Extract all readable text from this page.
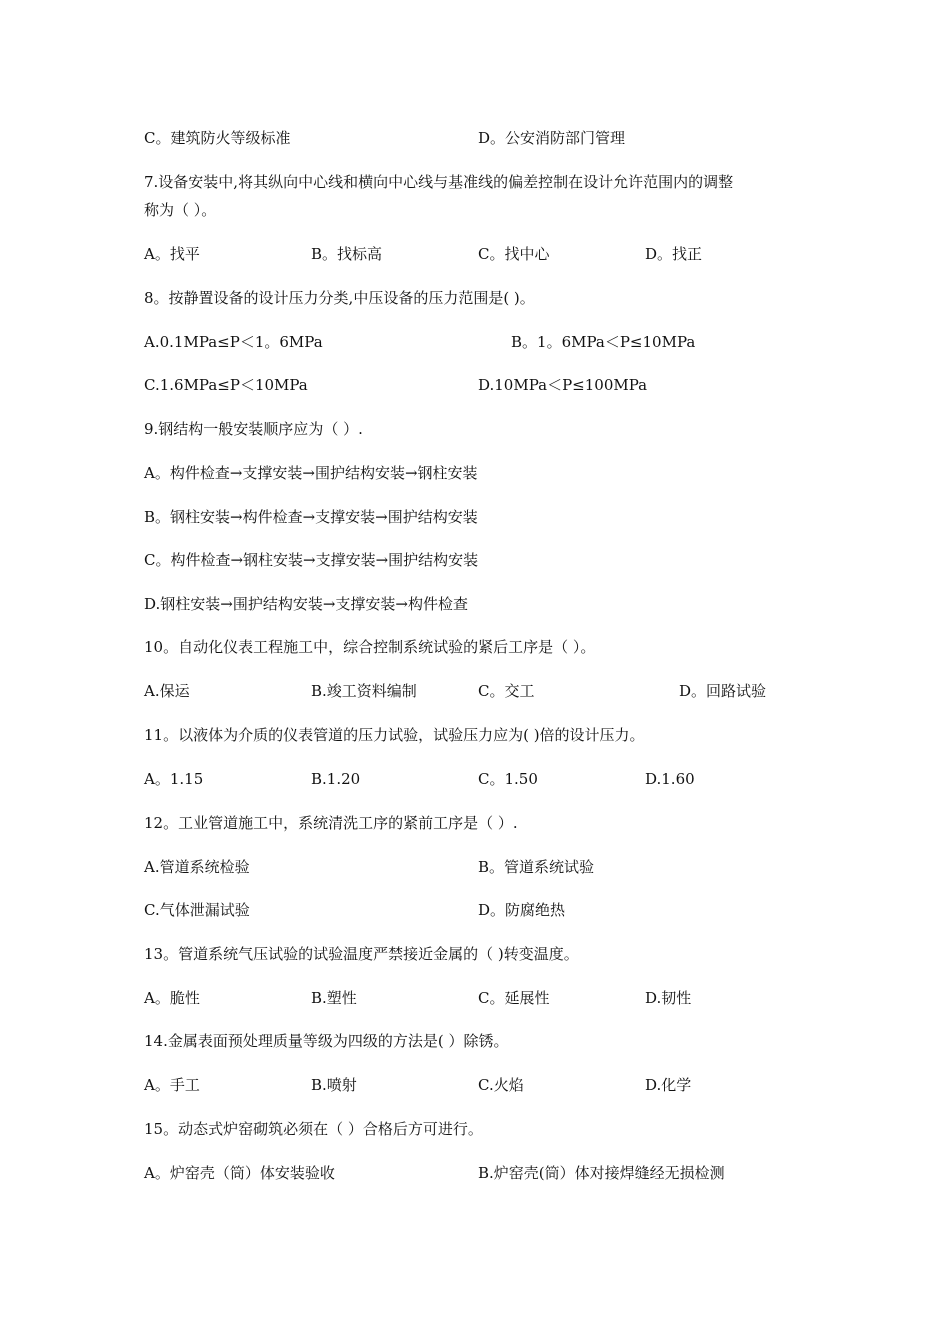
C。建筑防火等级标准	D。公安消防部门管理
7.设备安装中,将其纵向中心线和横向中心线与基准线的偏差控制在设计允许范围内的调整
称为（ ）。
A。找平	B。找标高	C。找中心	D。找正
8。按静置设备的设计压力分类,中压设备的压力范围是( )。
A.0.1MPa≤P＜1。6MPa	B。1。6MPa＜P≤10MPa
C.1.6MPa≤P＜10MPa	D.10MPa＜P≤100MPa
9.钢结构一般安装顺序应为（ ）.
A。构件检查→支撑安装→围护结构安装→钢柱安装
B。钢柱安装→构件检查→支撑安装→围护结构安装
C。构件检查→钢柱安装→支撑安装→围护结构安装
D.钢柱安装→围护结构安装→支撑安装→构件检查
10。自动化仪表工程施工中，综合控制系统试验的紧后工序是（ ）。
A.保运	B.竣工资料编制	C。交工	D。回路试验
11。以液体为介质的仪表管道的压力试验，试验压力应为( )倍的设计压力。
A。1.15	B.1.20	C。1.50	D.1.60
12。工业管道施工中，系统清洗工序的紧前工序是（ ）.
A.管道系统检验	B。管道系统试验
C.气体泄漏试验	D。防腐绝热
13。管道系统气压试验的试验温度严禁接近金属的（ )转变温度。
A。脆性	B.塑性	C。延展性	D.韧性
14.金属表面预处理质量等级为四级的方法是( ）除锈。
A。手工	B.喷射	C.火焰	D.化学
15。动态式炉窑砌筑必须在（ ）合格后方可进行。
A。炉窑壳（筒）体安装验收	B.炉窑壳(筒）体对接焊缝经无损检测
